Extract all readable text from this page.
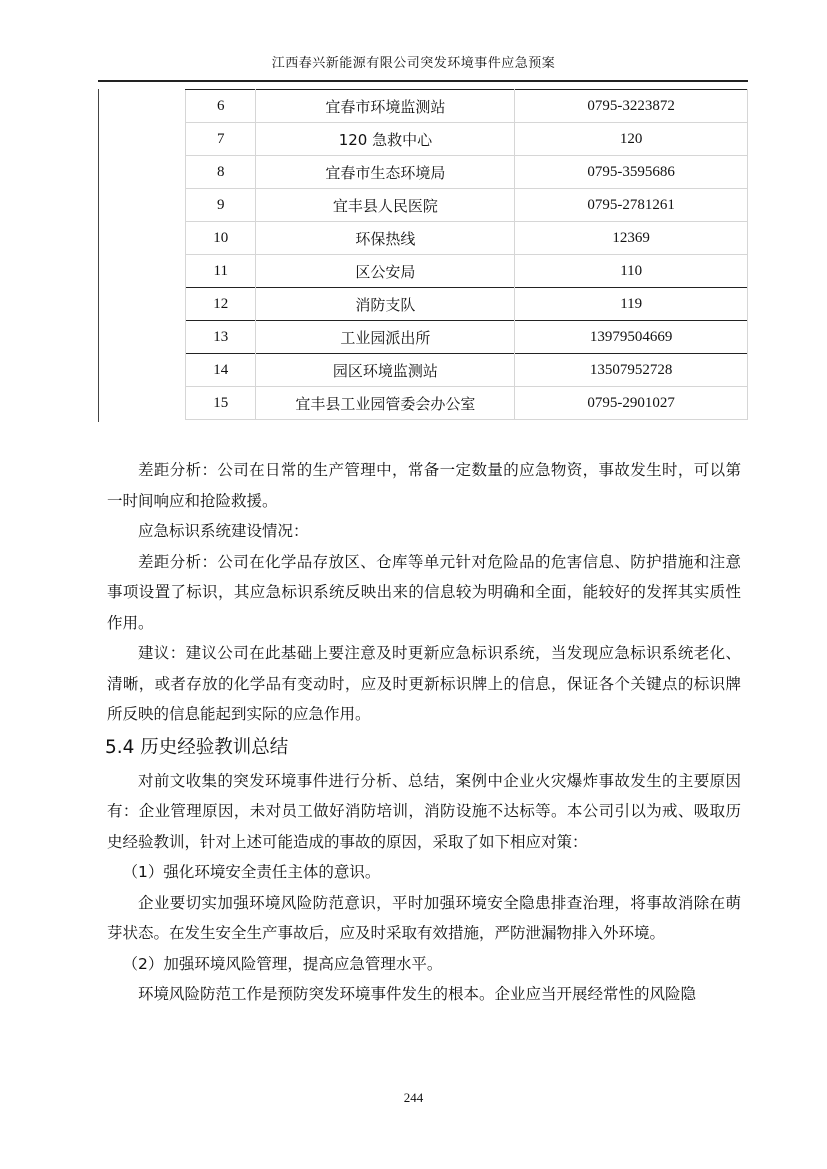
江西春兴新能源有限公司突发环境事件应急预案
6	宜春市环境监测站	0795-3223872
7	120 急救中心	120
8	宜春市生态环境局	0795-3595686
9	宜丰县人民医院	0795-2781261
10	环保热线	12369
11	区公安局	110
12	消防支队	119
13	工业园派出所	13979504669
14	园区环境监测站	13507952728
15	宜丰县工业园管委会办公室	0795-2901027

差距分析：公司在日常的生产管理中，常备一定数量的应急物资，事故发生时，可以第一时间响应和抢险救援。

应急标识系统建设情况：

差距分析：公司在化学品存放区、仓库等单元针对危险品的危害信息、防护措施和注意事项设置了标识，其应急标识系统反映出来的信息较为明确和全面，能较好的发挥其实质性作用。

建议：建议公司在此基础上要注意及时更新应急标识系统，当发现应急标识系统老化、清晰，或者存放的化学品有变动时，应及时更新标识牌上的信息，保证各个关键点的标识牌所反映的信息能起到实际的应急作用。

5.4 历史经验教训总结

对前文收集的突发环境事件进行分析、总结，案例中企业火灾爆炸事故发生的主要原因有：企业管理原因，未对员工做好消防培训，消防设施不达标等。本公司引以为戒、吸取历史经验教训，针对上述可能造成的事故的原因，采取了如下相应对策：

（1）强化环境安全责任主体的意识。

企业要切实加强环境风险防范意识，平时加强环境安全隐患排查治理，将事故消除在萌芽状态。在发生安全生产事故后，应及时采取有效措施，严防泄漏物排入外环境。

（2）加强环境风险管理，提高应急管理水平。

环境风险防范工作是预防突发环境事件发生的根本。企业应当开展经常性的风险隐

244
